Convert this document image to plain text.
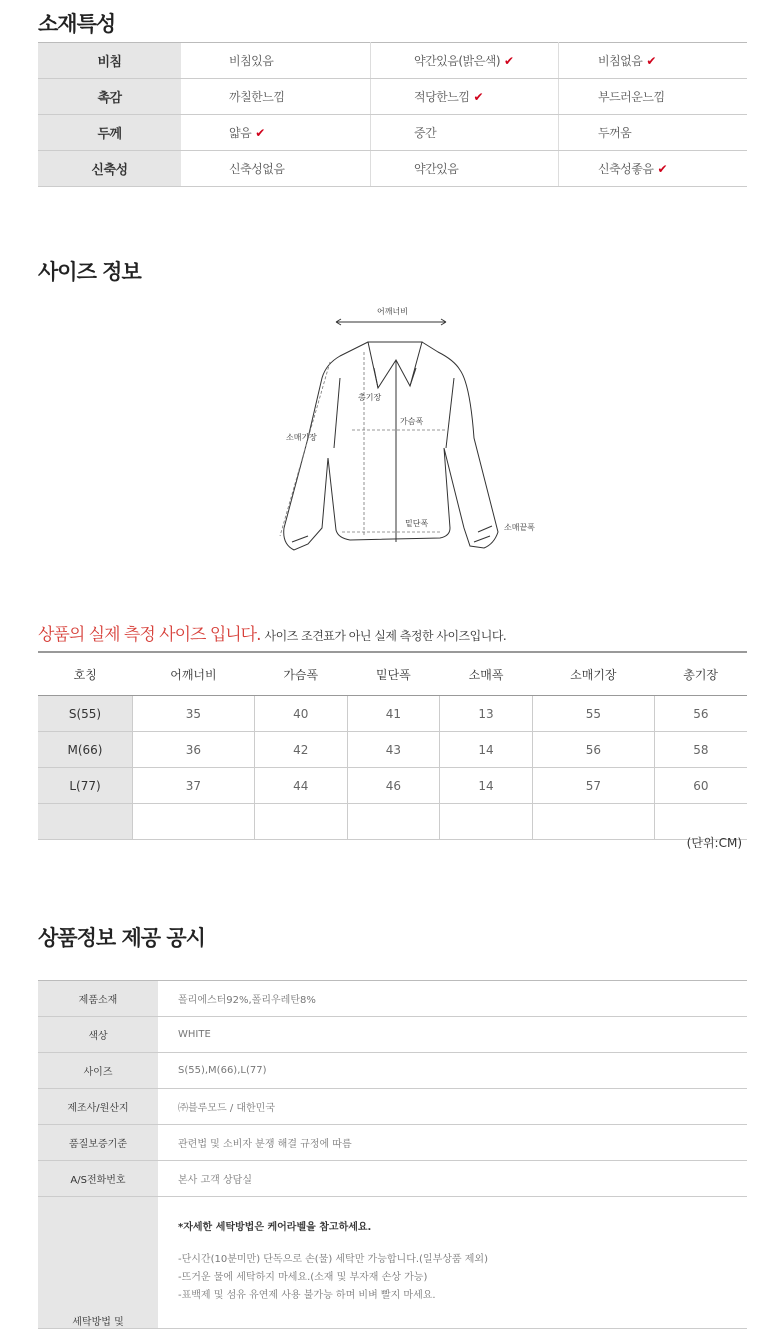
소재특성
비침	비침있음	약간있음(밝은색) ✔	비침없음 ✔
촉감	까칠한느낌	적당한느낌 ✔	부드러운느낌
두께	얇음 ✔	중간	두꺼움
신축성	신축성없음	약간있음	신축성좋음 ✔
사이즈 정보
어깨너비
총기장
가슴폭
소매기장
밑단폭	소매끝폭
상품의 실제 측정 사이즈 입니다. 사이즈 조견표가 아닌 실제 측정한 사이즈입니다.
호칭	어깨너비	가슴폭	밑단폭	소매폭	소매기장	총기장
S(55)	35	40	41	13	55	56
M(66)	36	42	43	14	56	58
L(77)	37	44	46	14	57	60

(단위:CM)
상품정보 제공 공시
제품소재	폴리에스터92%,폴리우레탄8%
색상	WHITE
사이즈	S(55),M(66),L(77)
제조사/원산지	㈜블루모드 / 대한민국
품질보증기준	관련법 및 소비자 분쟁 해결 규정에 따름
A/S전화번호	본사 고객 상담실
세탁방법 및	*자세한 세탁방법은 케어라벨을 참고하세요.
-단시간(10분미만) 단독으로 손(물) 세탁만 가능합니다.(일부상품 제외)
-뜨거운 물에 세탁하지 마세요.(소재 및 부자재 손상 가능)
-표백제 및 섬유 유연제 사용 불가능 하며 비벼 빨지 마세요.
